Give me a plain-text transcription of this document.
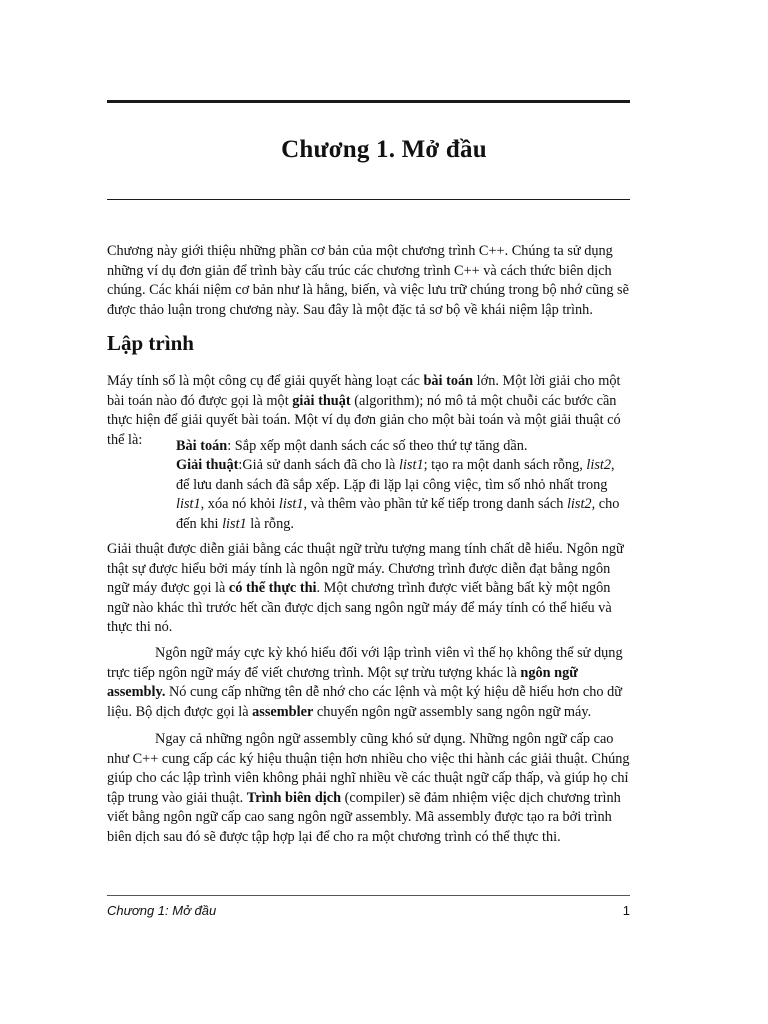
Chương 1. Mở đầu

Chương này giới thiệu những phần cơ bản của một chương trình C++. Chúng ta sử dụng những ví dụ đơn giản để trình bày cấu trúc các chương trình C++ và cách thức biên dịch chúng. Các khái niệm cơ bản như là hằng, biến, và việc lưu trữ chúng trong bộ nhớ cũng sẽ được thảo luận trong chương này. Sau đây là một đặc tả sơ bộ về khái niệm lập trình.

Lập trình

Máy tính số là một công cụ để giải quyết hàng loạt các bài toán lớn. Một lời giải cho một bài toán nào đó được gọi là một giải thuật (algorithm); nó mô tả một chuỗi các bước cần thực hiện để giải quyết bài toán. Một ví dụ đơn giản cho một bài toán và một giải thuật có thể là:	Bài toán: Sắp xếp một danh sách các số theo thứ tự tăng dần.

Giải thuật:Giả sử danh sách đã cho là list1; tạo ra một danh sách rỗng, list2, để lưu danh sách đã sắp xếp. Lặp đi lặp lại công việc, tìm số nhỏ nhất trong list1, xóa nó khỏi list1, và thêm vào phần tử kế tiếp trong danh sách list2, cho đến khi list1 là rỗng.

Giải thuật được diễn giải bằng các thuật ngữ trừu tượng mang tính chất dễ hiểu. Ngôn ngữ thật sự được hiểu bởi máy tính là ngôn ngữ máy. Chương trình được diễn đạt bằng ngôn ngữ máy được gọi là có thể thực thi. Một chương trình được viết bằng bất kỳ một ngôn ngữ nào khác thì trước hết cần được dịch sang ngôn ngữ máy để máy tính có thể hiểu và thực thi nó.

Ngôn ngữ máy cực kỳ khó hiểu đối với lập trình viên vì thế họ không thể sử dụng trực tiếp ngôn ngữ máy để viết chương trình. Một sự trừu tượng khác là ngôn ngữ assembly. Nó cung cấp những tên dễ nhớ cho các lệnh và một ký hiệu dễ hiểu hơn cho dữ liệu. Bộ dịch được gọi là assembler chuyển ngôn ngữ assembly sang ngôn ngữ máy.

Ngay cả những ngôn ngữ assembly cũng khó sử dụng. Những ngôn ngữ cấp cao như C++ cung cấp các ký hiệu thuận tiện hơn nhiều cho việc thi hành các giải thuật. Chúng giúp cho các lập trình viên không phải nghĩ nhiều về các thuật ngữ cấp thấp, và giúp họ chỉ tập trung vào giải thuật. Trình biên dịch (compiler) sẽ đảm nhiệm việc dịch chương trình viết bằng ngôn ngữ cấp cao sang ngôn ngữ assembly. Mã assembly được tạo ra bởi trình biên dịch sau đó sẽ được tập hợp lại để cho ra một chương trình có thể thực thi.

Chương 1: Mở đầu	1
